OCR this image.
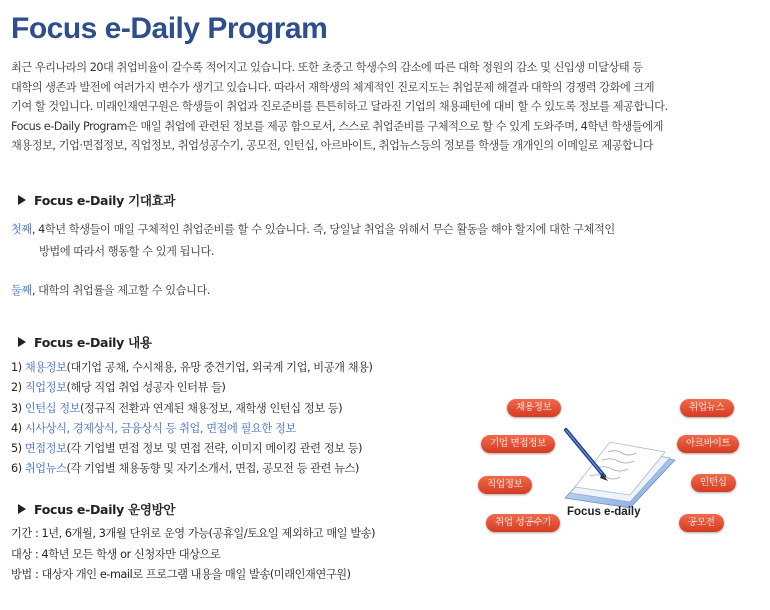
Focus e-Daily Program
최근 우리나라의 20대 취업비율이 갈수록 적어지고 있습니다. 또한 초중고 학생수의 감소에 따른 대학 정원의 감소 및 신입생 미달상태 등
대학의 생존과 발전에 여러가지 변수가 생기고 있습니다. 따라서 재학생의 체계적인 진로지도는 취업문제 해결과 대학의 경쟁력 강화에 크게
기여 할 것입니다. 미래인재연구원은 학생들이 취업과 진로준비를 튼튼히하고 달라진 기업의 채용패턴에 대비 할 수 있도록 정보를 제공합니다.
Focus e-Daily Program은 매일 취업에 관련된 정보를 제공 함으로서, 스스로 취업준비를 구체적으로 할 수 있게 도와주며, 4학년 학생들에게
채용정보, 기업·면접정보, 직업정보, 취업성공수기, 공모전, 인턴십, 아르바이트, 취업뉴스등의 정보를 학생들 개개인의 이메일로 제공합니다
Focus e-Daily 기대효과
첫째, 4학년 학생들이 매일 구체적인 취업준비를 할 수 있습니다. 즉, 당일날 취업을 위해서 무슨 활동을 해야 할지에 대한 구체적인
방법에 따라서 행동할 수 있게 됩니다.
둘째, 대학의 취업률을 제고할 수 있습니다.
Focus e-Daily 내용
1) 채용정보(대기업 공채, 수시채용, 유망 중견기업, 외국계 기업, 비공개 채용)
2) 직업정보(해당 직업 취업 성공자 인터뷰 들)
3) 인턴십 정보(정규직 전환과 연계된 채용정보, 재학생 인턴십 정보 등)
4) 시사상식, 경제상식, 금융상식 등 취업, 면접에 필요한 정보
5) 면접정보(각 기업별 면접 정보 및 면접 전략, 이미지 메이킹 관련 정보 등)
6) 취업뉴스(각 기업별 채용동향 및 자기소개서, 면접, 공모전 등 관련 뉴스)
Focus e-Daily 운영방안
기간 : 1년, 6개월, 3개월 단위로 운영 가능(공휴일/토요일 제외하고 매일 발송)
대상 : 4학년 모든 학생 or 신청자만 대상으로
방법 : 대상자 개인 e-mail로 프로그램 내용을 매일 발송(미래인재연구원)
채용정보	취업뉴스
기업 면접정보	아르바이트
직업정보	인턴십
취업 성공수기	공모전
Focus e-daily
